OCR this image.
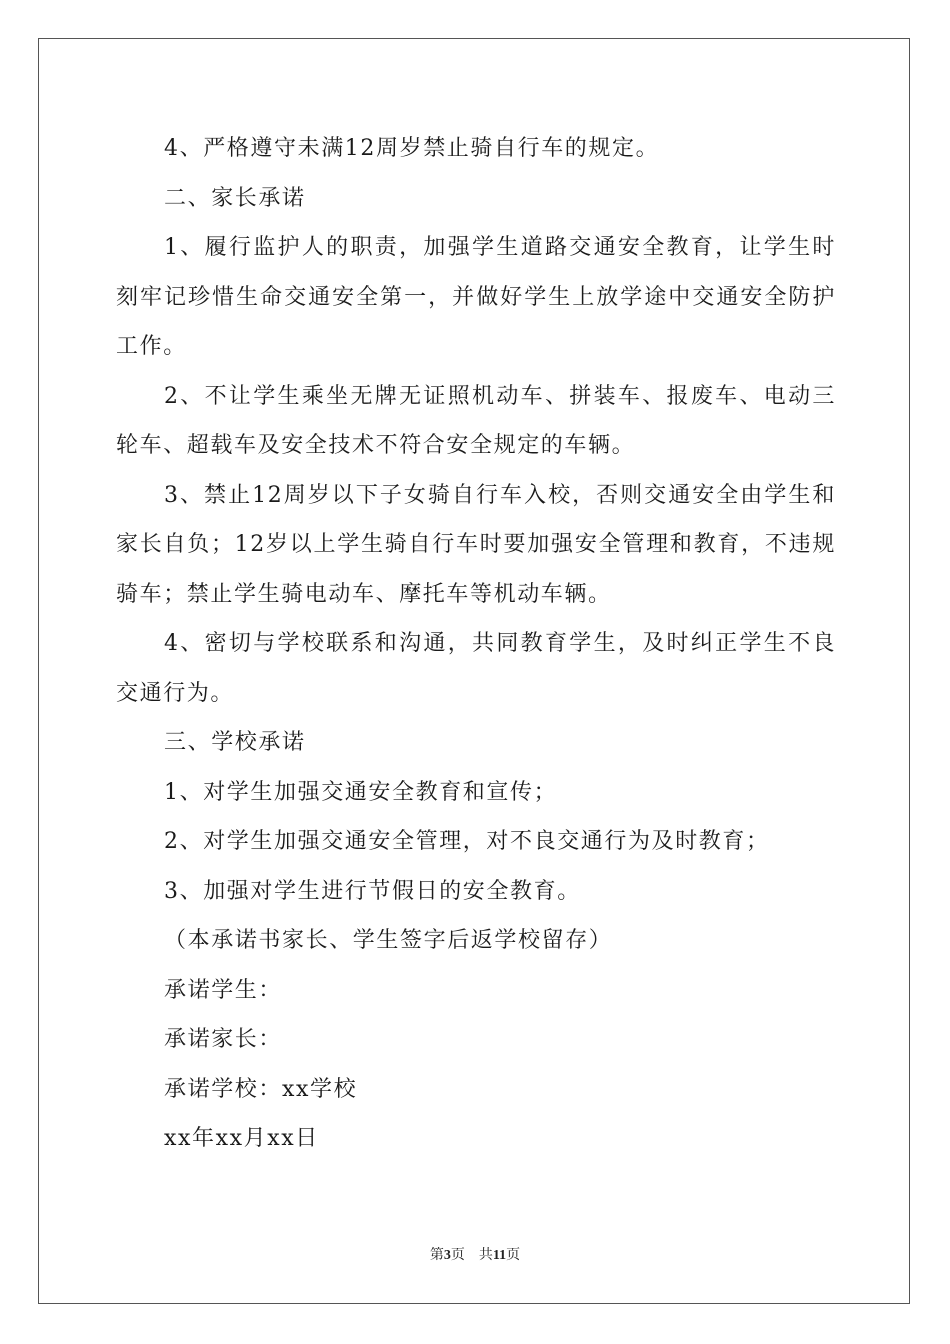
4、严格遵守未满12周岁禁止骑自行车的规定。

二、家长承诺

1、履行监护人的职责，加强学生道路交通安全教育，让学生时刻牢记珍惜生命交通安全第一，并做好学生上放学途中交通安全防护工作。

2、不让学生乘坐无牌无证照机动车、拼装车、报废车、电动三轮车、超载车及安全技术不符合安全规定的车辆。

3、禁止12周岁以下子女骑自行车入校，否则交通安全由学生和家长自负；12岁以上学生骑自行车时要加强安全管理和教育，不违规骑车；禁止学生骑电动车、摩托车等机动车辆。

4、密切与学校联系和沟通，共同教育学生，及时纠正学生不良交通行为。

三、学校承诺

1、对学生加强交通安全教育和宣传；

2、对学生加强交通安全管理，对不良交通行为及时教育；

3、加强对学生进行节假日的安全教育。

（本承诺书家长、学生签字后返学校留存）

承诺学生：

承诺家长：

承诺学校：xx学校

xx年xx月xx日

第3页 共11页
